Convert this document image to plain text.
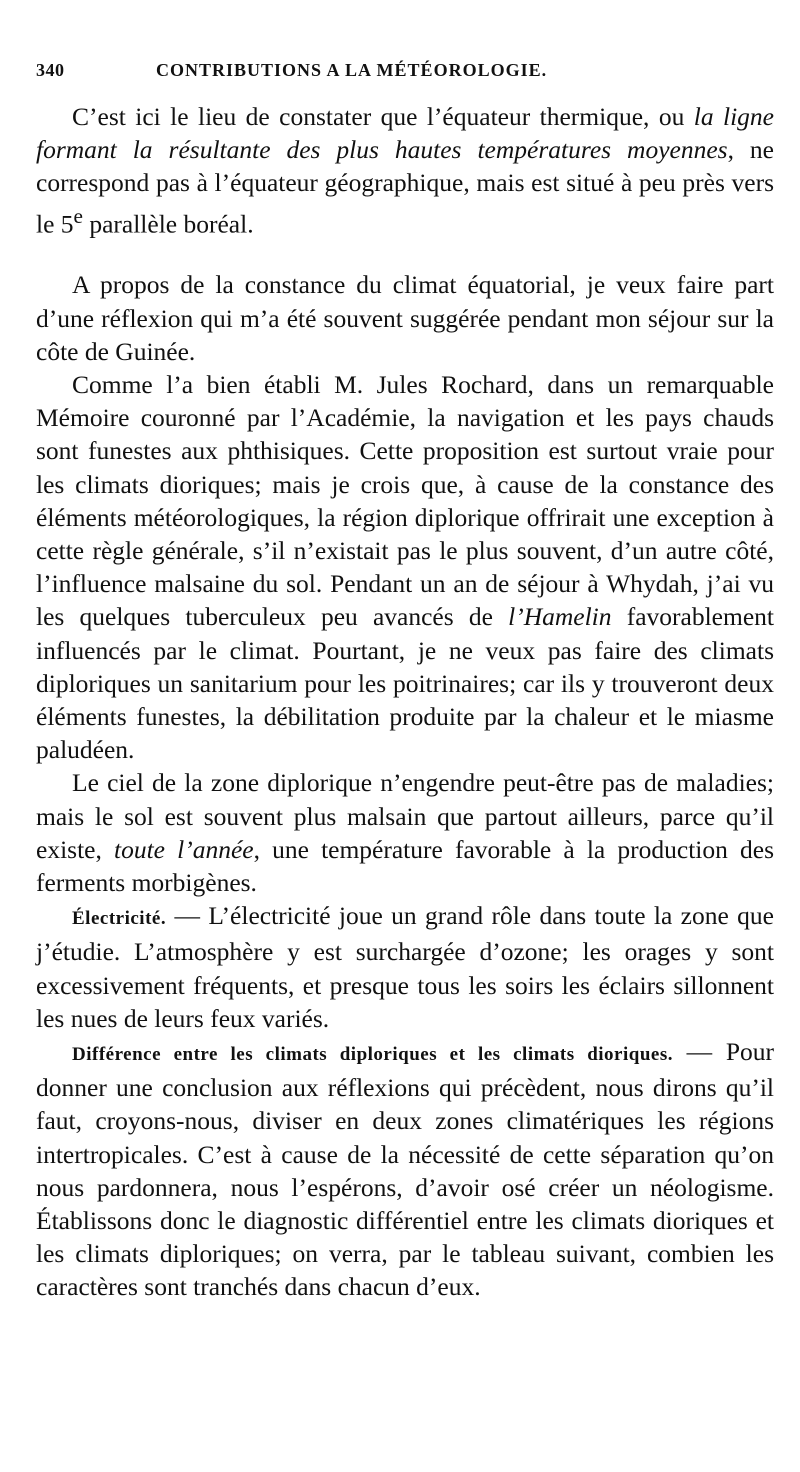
340	CONTRIBUTIONS A LA MÉTÉOROLOGIE.

C’est ici le lieu de constater que l’équateur thermique, ou la ligne formant la résultante des plus hautes températures moyennes, ne correspond pas à l’équateur géographique, mais est situé à peu près vers le 5e parallèle boréal.

A propos de la constance du climat équatorial, je veux faire part d’une réflexion qui m’a été souvent suggérée pendant mon séjour sur la côte de Guinée.

Comme l’a bien établi M. Jules Rochard, dans un remarquable Mémoire couronné par l’Académie, la navigation et les pays chauds sont funestes aux phthisiques. Cette proposition est surtout vraie pour les climats dioriques; mais je crois que, à cause de la constance des éléments météorologiques, la région diplorique offrirait une exception à cette règle générale, s’il n’existait pas le plus souvent, d’un autre côté, l’influence malsaine du sol. Pendant un an de séjour à Whydah, j’ai vu les quelques tuberculeux peu avancés de l’Hamelin favorablement influencés par le climat. Pourtant, je ne veux pas faire des climats diploriques un sanitarium pour les poitrinaires; car ils y trouveront deux éléments funestes, la débilitation produite par la chaleur et le miasme paludéen.

Le ciel de la zone diplorique n’engendre peut-être pas de maladies; mais le sol est souvent plus malsain que partout ailleurs, parce qu’il existe, toute l’année, une température favorable à la production des ferments morbigènes.

Électricité. — L’électricité joue un grand rôle dans toute la zone que j’étudie. L’atmosphère y est surchargée d’ozone; les orages y sont excessivement fréquents, et presque tous les soirs les éclairs sillonnent les nues de leurs feux variés.

Différence entre les climats diploriques et les climats dioriques. — Pour donner une conclusion aux réflexions qui précèdent, nous dirons qu’il faut, croyons-nous, diviser en deux zones climatériques les régions intertropicales. C’est à cause de la nécessité de cette séparation qu’on nous pardonnera, nous l’espérons, d’avoir osé créer un néologisme. Établissons donc le diagnostic différentiel entre les climats dioriques et les climats diploriques; on verra, par le tableau suivant, combien les caractères sont tranchés dans chacun d’eux.
